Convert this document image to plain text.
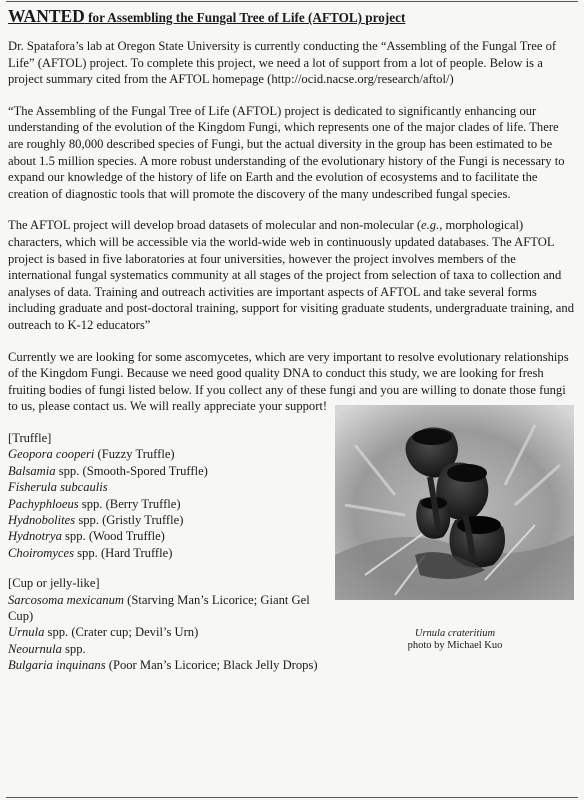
WANTED for Assembling the Fungal Tree of Life (AFTOL) project

Dr. Spatafora’s lab at Oregon State University is currently conducting the “Assembling of the Fungal Tree of Life” (AFTOL) project. To complete this project, we need a lot of support from a lot of people. Below is a project summary cited from the AFTOL homepage (http://ocid.nacse.org/research/aftol/)

“The Assembling of the Fungal Tree of Life (AFTOL) project is dedicated to significantly enhancing our understanding of the evolution of the Kingdom Fungi, which represents one of the major clades of life. There are roughly 80,000 described species of Fungi, but the actual diversity in the group has been estimated to be about 1.5 million species. A more robust understanding of the evolutionary history of the Fungi is necessary to expand our knowledge of the history of life on Earth and the evolution of ecosystems and to facilitate the creation of diagnostic tools that will promote the discovery of the many undescribed fungal species.

The AFTOL project will develop broad datasets of molecular and non-molecular (e.g., morphological) characters, which will be accessible via the world-wide web in continuously updated databases. The AFTOL project is based in five laboratories at four universities, however the project involves members of the international fungal systematics community at all stages of the project from selection of taxa to collection and analyses of data. Training and outreach activities are important aspects of AFTOL and take several forms including graduate and post-doctoral training, support for visiting graduate students, undergraduate training, and outreach to K-12 educators”

Currently we are looking for some ascomycetes, which are very important to resolve evolutionary relationships of the Kingdom Fungi. Because we need good quality DNA to conduct this study, we are looking for fresh fruiting bodies of fungi listed below. If you collect any of these fungi and you are willing to donate those fungi to us, please contact us. We will really appreciate your support!

[Truffle]
Geopora cooperi (Fuzzy Truffle)
Balsamia spp. (Smooth-Spored Truffle)
Fisherula subcaulis
Pachyphloeus spp. (Berry Truffle)
Hydnobolites spp. (Gristly Truffle)
Hydnotrya spp. (Wood Truffle)
Choiromyces spp. (Hard Truffle)
[Cup or jelly-like]
Sarcosoma mexicanum (Starving Man’s Licorice; Giant Gel Cup)
Urnula spp. (Crater cup; Devil’s Urn)
Neournula spp.
Bulgaria inquinans (Poor Man’s Licorice; Black Jelly Drops)
Urnula crateritium
photo by Michael Kuo
